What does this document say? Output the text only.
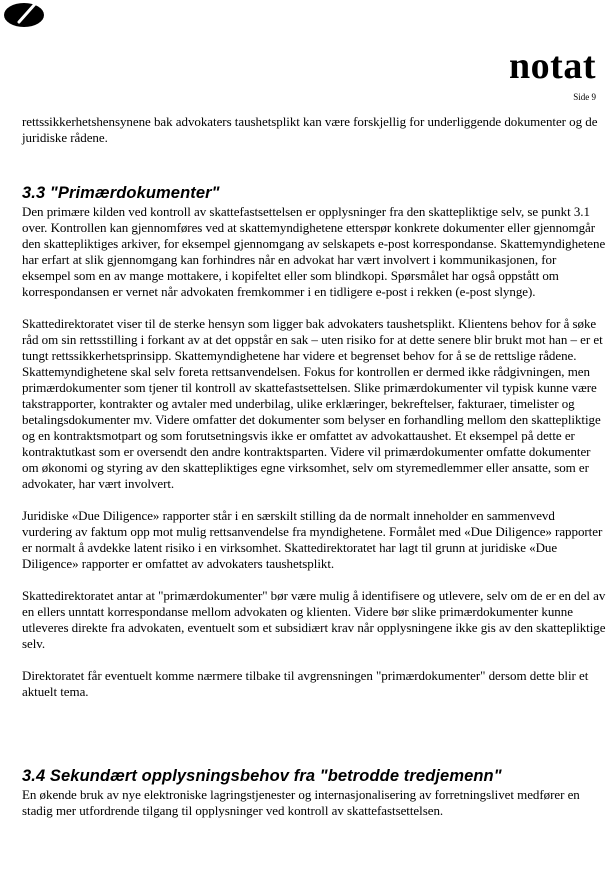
notat
Side 9

rettssikkerhetshensynene bak advokaters taushetsplikt kan være forskjellig for underliggende dokumenter og de juridiske rådene.

3.3 "Primærdokumenter"

Den primære kilden ved kontroll av skattefastsettelsen er opplysninger fra den skattepliktige selv, se punkt 3.1 over. Kontrollen kan gjennomføres ved at skattemyndighetene etterspør konkrete dokumenter eller gjennomgår den skattepliktiges arkiver, for eksempel gjennomgang av selskapets e-post korrespondanse. Skattemyndighetene har erfart at slik gjennomgang kan forhindres når en advokat har vært involvert i kommunikasjonen, for eksempel som en av mange mottakere, i kopifeltet eller som blindkopi. Spørsmålet har også oppstått om korrespondansen er vernet når advokaten fremkommer i en tidligere e-post i rekken (e-post slynge).

Skattedirektoratet viser til de sterke hensyn som ligger bak advokaters taushetsplikt. Klientens behov for å søke råd om sin rettsstilling i forkant av at det oppstår en sak – uten risiko for at dette senere blir brukt mot han – er et tungt rettssikkerhetsprinsipp. Skattemyndighetene har videre et begrenset behov for å se de rettslige rådene. Skattemyndighetene skal selv foreta rettsanvendelsen. Fokus for kontrollen er dermed ikke rådgivningen, men primærdokumenter som tjener til kontroll av skattefastsettelsen. Slike primærdokumenter vil typisk kunne være takstrapporter, kontrakter og avtaler med underbilag, ulike erklæringer, bekreftelser, fakturaer, timelister og betalingsdokumenter mv. Videre omfatter det dokumenter som belyser en forhandling mellom den skattepliktige og en kontraktsmotpart og som forutsetningsvis ikke er omfattet av advokattaushet. Et eksempel på dette er kontraktutkast som er oversendt den andre kontraktsparten. Videre vil primærdokumenter omfatte dokumenter om økonomi og styring av den skattepliktiges egne virksomhet, selv om styremedlemmer eller ansatte, som er advokater, har vært involvert.

Juridiske «Due Diligence» rapporter står i en særskilt stilling da de normalt inneholder en sammenvevd vurdering av faktum opp mot mulig rettsanvendelse fra myndighetene. Formålet med «Due Diligence» rapporter er normalt å avdekke latent risiko i en virksomhet. Skattedirektoratet har lagt til grunn at juridiske «Due Diligence» rapporter er omfattet av advokaters taushetsplikt.

Skattedirektoratet antar at "primærdokumenter" bør være mulig å identifisere og utlevere, selv om de er en del av en ellers unntatt korrespondanse mellom advokaten og klienten. Videre bør slike primærdokumenter kunne utleveres direkte fra advokaten, eventuelt som et subsidiært krav når opplysningene ikke gis av den skattepliktige selv.

Direktoratet får eventuelt komme nærmere tilbake til avgrensningen "primærdokumenter" dersom dette blir et aktuelt tema.

3.4 Sekundært opplysningsbehov fra "betrodde tredjemenn"

En økende bruk av nye elektroniske lagringstjenester og internasjonalisering av forretningslivet medfører en stadig mer utfordrende tilgang til opplysninger ved kontroll av skattefastsettelsen.
